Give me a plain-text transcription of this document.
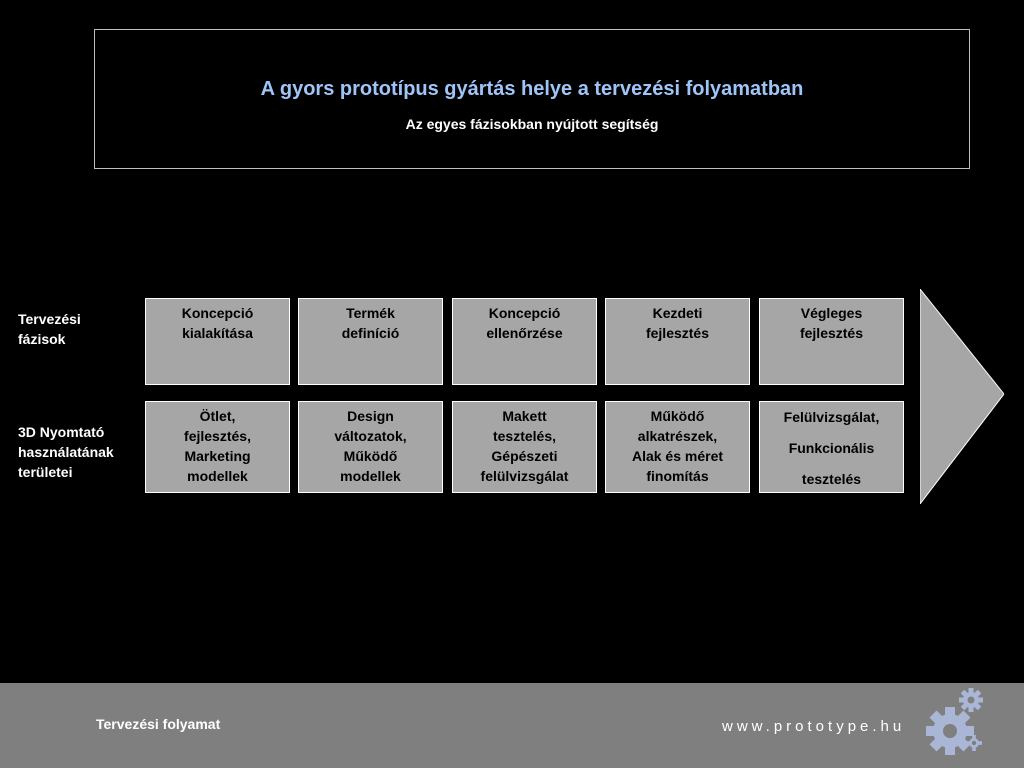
A gyors prototípus gyártás helye a tervezési folyamatban
Az egyes fázisokban nyújtott segítség
Tervezési
fázisok
3D Nyomtató
használatának
területei
Koncepció
kialakítása
Termék
definíció
Koncepció
ellenőrzése
Kezdeti
fejlesztés
Végleges
fejlesztés
Ötlet,
fejlesztés,
Marketing
modellek
Design
változatok,
Működő
modellek
Makett
tesztelés,
Gépészeti
felülvizsgálat
Működő
alkatrészek,
Alak és méret
finomítás
Felülvizsgálat,
Funkcionális
tesztelés
Tervezési folyamat	www.prototype.hu
